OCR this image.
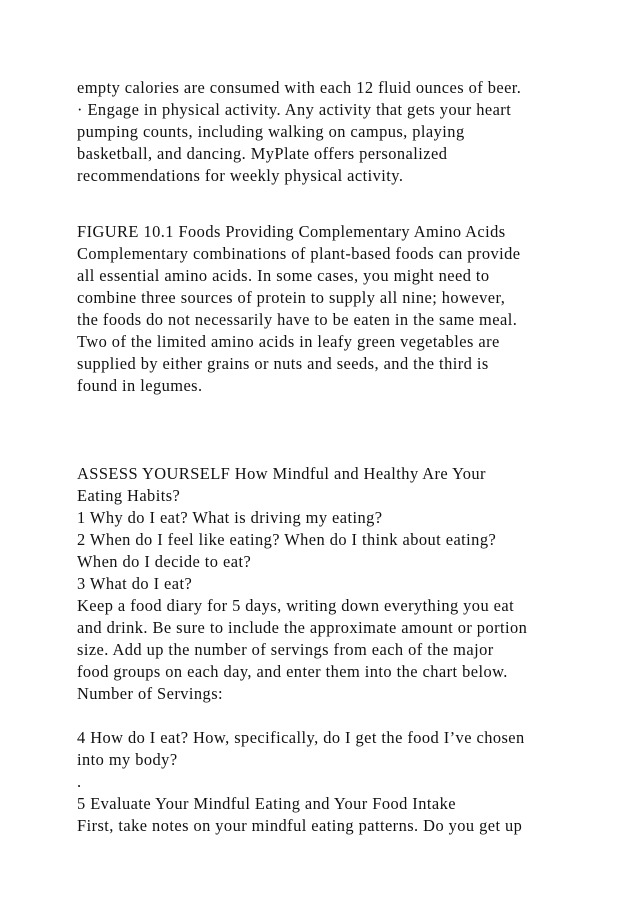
empty calories are consumed with each 12 fluid ounces of beer.

· Engage in physical activity. Any activity that gets your heart

pumping counts, including walking on campus, playing

basketball, and dancing. MyPlate offers personalized

recommendations for weekly physical activity.

FIGURE 10.1 Foods Providing Complementary Amino Acids

Complementary combinations of plant-based foods can provide

all essential amino acids. In some cases, you might need to

combine three sources of protein to supply all nine; however,

the foods do not necessarily have to be eaten in the same meal.

Two of the limited amino acids in leafy green vegetables are

supplied by either grains or nuts and seeds, and the third is

found in legumes.

ASSESS YOURSELF How Mindful and Healthy Are Your

Eating Habits?

1 Why do I eat? What is driving my eating?

2 When do I feel like eating? When do I think about eating?

When do I decide to eat?

3 What do I eat?

Keep a food diary for 5 days, writing down everything you eat

and drink. Be sure to include the approximate amount or portion

size. Add up the number of servings from each of the major

food groups on each day, and enter them into the chart below.

Number of Servings:

4 How do I eat? How, specifically, do I get the food I’ve chosen

into my body?

.

5 Evaluate Your Mindful Eating and Your Food Intake

First, take notes on your mindful eating patterns. Do you get up
